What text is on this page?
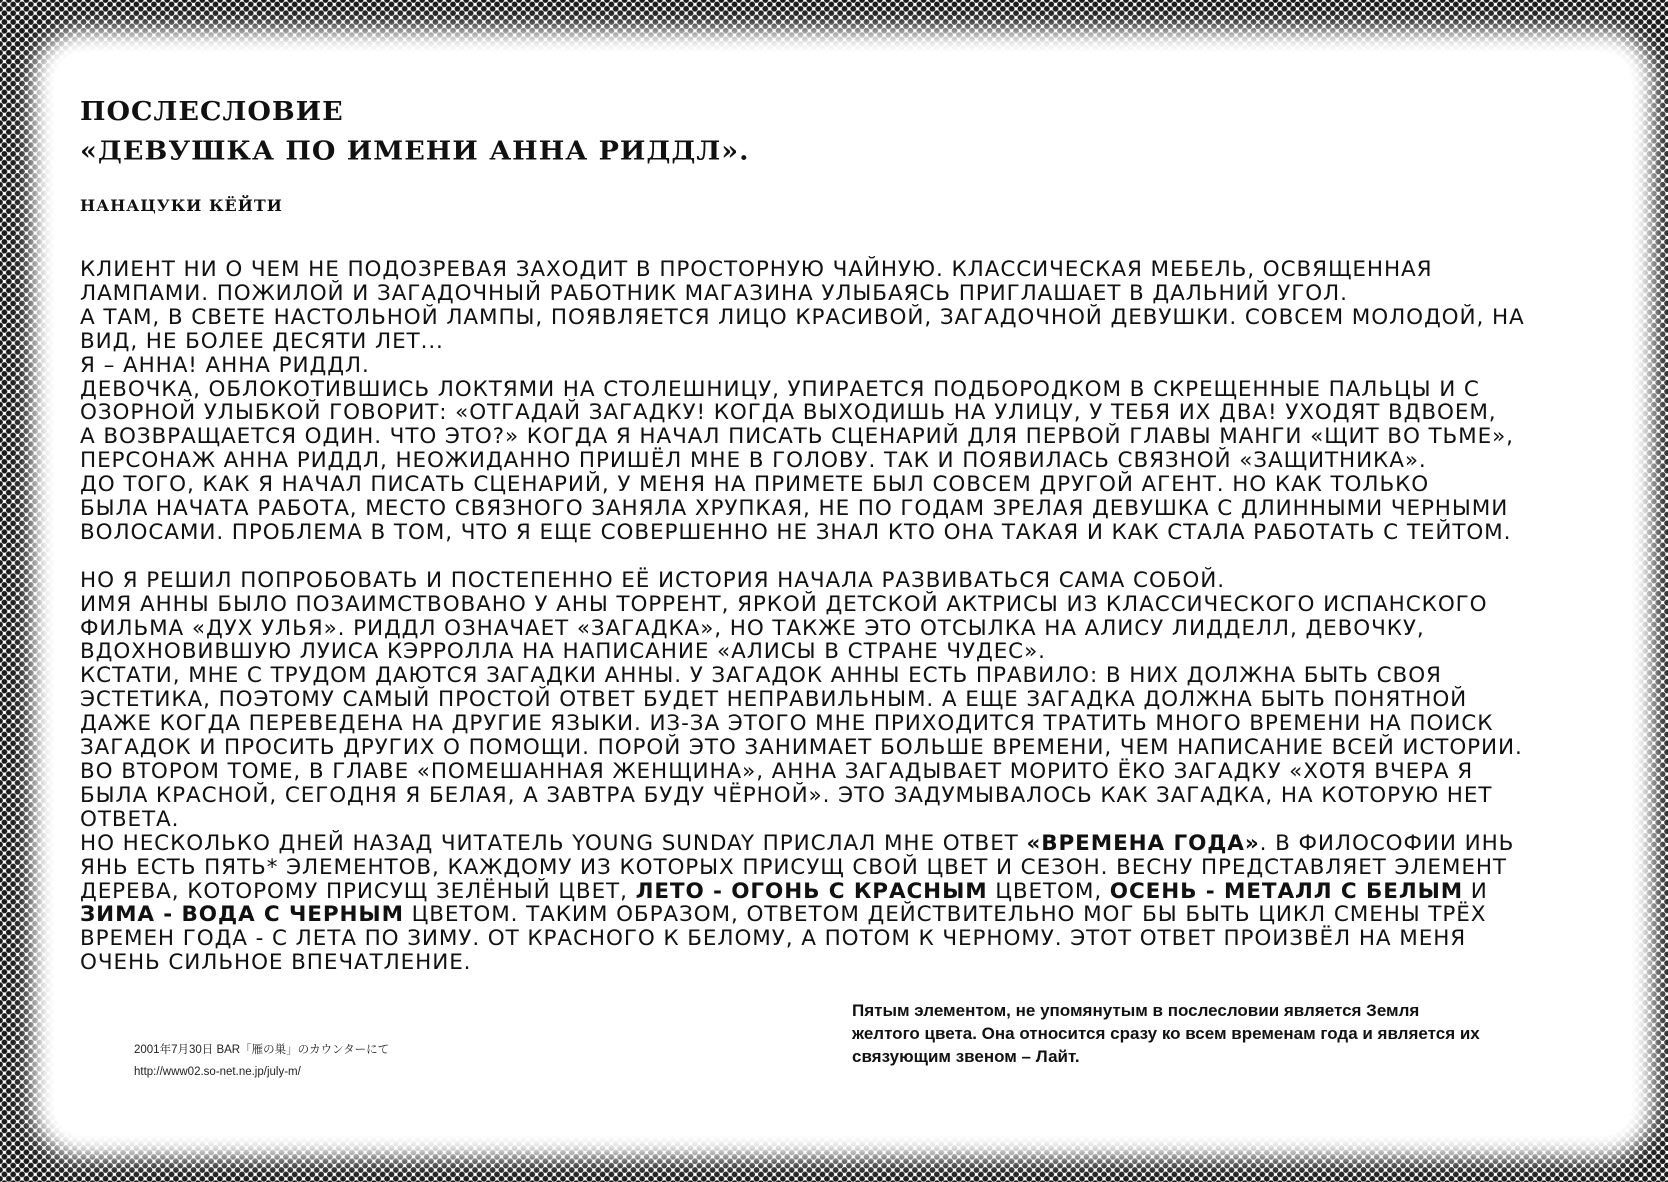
ПОСЛЕСЛОВИЕ
«ДЕВУШКА ПО ИМЕНИ АННА РИДДЛ».
НАНАЦУКИ КЁЙТИ

КЛИЕНТ НИ О ЧЕМ НЕ ПОДОЗРЕВАЯ ЗАХОДИТ В ПРОСТОРНУЮ ЧАЙНУЮ. КЛАССИЧЕСКАЯ МЕБЕЛЬ, ОСВЯЩЕННАЯ

ЛАМПАМИ. ПОЖИЛОЙ И ЗАГАДОЧНЫЙ РАБОТНИК МАГАЗИНА УЛЫБАЯСЬ ПРИГЛАШАЕТ В ДАЛЬНИЙ УГОЛ.

А ТАМ, В СВЕТЕ НАСТОЛЬНОЙ ЛАМПЫ, ПОЯВЛЯЕТСЯ ЛИЦО КРАСИВОЙ, ЗАГАДОЧНОЙ ДЕВУШКИ. СОВСЕМ МОЛОДОЙ, НА

ВИД, НЕ БОЛЕЕ ДЕСЯТИ ЛЕТ...

Я – АННА! АННА РИДДЛ.

ДЕВОЧКА, ОБЛОКОТИВШИСЬ ЛОКТЯМИ НА СТОЛЕШНИЦУ, УПИРАЕТСЯ ПОДБОРОДКОМ В СКРЕЩЕННЫЕ ПАЛЬЦЫ И С

ОЗОРНОЙ УЛЫБКОЙ ГОВОРИТ: «ОТГАДАЙ ЗАГАДКУ! КОГДА ВЫХОДИШЬ НА УЛИЦУ, У ТЕБЯ ИХ ДВА! УХОДЯТ ВДВОЕМ,

А ВОЗВРАЩАЕТСЯ ОДИН. ЧТО ЭТО?» КОГДА Я НАЧАЛ ПИСАТЬ СЦЕНАРИЙ ДЛЯ ПЕРВОЙ ГЛАВЫ МАНГИ «ЩИТ ВО ТЬМЕ»,

ПЕРСОНАЖ АННА РИДДЛ, НЕОЖИДАННО ПРИШЁЛ МНЕ В ГОЛОВУ. ТАК И ПОЯВИЛАСЬ СВЯЗНОЙ «ЗАЩИТНИКА».

ДО ТОГО, КАК Я НАЧАЛ ПИСАТЬ СЦЕНАРИЙ, У МЕНЯ НА ПРИМЕТЕ БЫЛ СОВСЕМ ДРУГОЙ АГЕНТ. НО КАК ТОЛЬКО

БЫЛА НАЧАТА РАБОТА, МЕСТО СВЯЗНОГО ЗАНЯЛА ХРУПКАЯ, НЕ ПО ГОДАМ ЗРЕЛАЯ ДЕВУШКА С ДЛИННЫМИ ЧЕРНЫМИ

ВОЛОСАМИ. ПРОБЛЕМА В ТОМ, ЧТО Я ЕЩЕ СОВЕРШЕННО НЕ ЗНАЛ КТО ОНА ТАКАЯ И КАК СТАЛА РАБОТАТЬ С ТЕЙТОМ.

НО Я РЕШИЛ ПОПРОБОВАТЬ И ПОСТЕПЕННО ЕЁ ИСТОРИЯ НАЧАЛА РАЗВИВАТЬСЯ САМА СОБОЙ.

ИМЯ АННЫ БЫЛО ПОЗАИМСТВОВАНО У АНЫ ТОРРЕНТ, ЯРКОЙ ДЕТСКОЙ АКТРИСЫ ИЗ КЛАССИЧЕСКОГО ИСПАНСКОГО

ФИЛЬМА «ДУХ УЛЬЯ». РИДДЛ ОЗНАЧАЕТ «ЗАГАДКА», НО ТАКЖЕ ЭТО ОТСЫЛКА НА АЛИСУ ЛИДДЕЛЛ, ДЕВОЧКУ,

ВДОХНОВИВШУЮ ЛУИСА КЭРРОЛЛА НА НАПИСАНИЕ «АЛИСЫ В СТРАНЕ ЧУДЕС».

КСТАТИ, МНЕ С ТРУДОМ ДАЮТСЯ ЗАГАДКИ АННЫ. У ЗАГАДОК АННЫ ЕСТЬ ПРАВИЛО: В НИХ ДОЛЖНА БЫТЬ СВОЯ

ЭСТЕТИКА, ПОЭТОМУ САМЫЙ ПРОСТОЙ ОТВЕТ БУДЕТ НЕПРАВИЛЬНЫМ. А ЕЩЕ ЗАГАДКА ДОЛЖНА БЫТЬ ПОНЯТНОЙ

ДАЖЕ КОГДА ПЕРЕВЕДЕНА НА ДРУГИЕ ЯЗЫКИ. ИЗ-ЗА ЭТОГО МНЕ ПРИХОДИТСЯ ТРАТИТЬ МНОГО ВРЕМЕНИ НА ПОИСК

ЗАГАДОК И ПРОСИТЬ ДРУГИХ О ПОМОЩИ. ПОРОЙ ЭТО ЗАНИМАЕТ БОЛЬШЕ ВРЕМЕНИ, ЧЕМ НАПИСАНИЕ ВСЕЙ ИСТОРИИ.

ВО ВТОРОМ ТОМЕ, В ГЛАВЕ «ПОМЕШАННАЯ ЖЕНЩИНА», АННА ЗАГАДЫВАЕТ МОРИТО ЁКО ЗАГАДКУ «ХОТЯ ВЧЕРА Я

БЫЛА КРАСНОЙ, СЕГОДНЯ Я БЕЛАЯ, А ЗАВТРА БУДУ ЧЁРНОЙ». ЭТО ЗАДУМЫВАЛОСЬ КАК ЗАГАДКА, НА КОТОРУЮ НЕТ

ОТВЕТА.

НО НЕСКОЛЬКО ДНЕЙ НАЗАД ЧИТАТЕЛЬ YOUNG SUNDAY ПРИСЛАЛ МНЕ ОТВЕТ «ВРЕМЕНА ГОДА». В ФИЛОСОФИИ ИНЬ

ЯНЬ ЕСТЬ ПЯТЬ* ЭЛЕМЕНТОВ, КАЖДОМУ ИЗ КОТОРЫХ ПРИСУЩ СВОЙ ЦВЕТ И СЕЗОН. ВЕСНУ ПРЕДСТАВЛЯЕТ ЭЛЕМЕНТ

ДЕРЕВА, КОТОРОМУ ПРИСУЩ ЗЕЛЁНЫЙ ЦВЕТ, ЛЕТО - ОГОНЬ С КРАСНЫМ ЦВЕТОМ, ОСЕНЬ - МЕТАЛЛ С БЕЛЫМ И

ЗИМА - ВОДА С ЧЕРНЫМ ЦВЕТОМ. ТАКИМ ОБРАЗОМ, ОТВЕТОМ ДЕЙСТВИТЕЛЬНО МОГ БЫ БЫТЬ ЦИКЛ СМЕНЫ ТРЁХ

ВРЕМЕН ГОДА - С ЛЕТА ПО ЗИМУ. ОТ КРАСНОГО К БЕЛОМУ, А ПОТОМ К ЧЕРНОМУ. ЭТОТ ОТВЕТ ПРОИЗВЁЛ НА МЕНЯ

ОЧЕНЬ СИЛЬНОЕ ВПЕЧАТЛЕНИЕ.

Пятым элементом, не упомянутым в послесловии является Земля
желтого цвета. Она относится сразу ко всем временам года и является их
связующим звеном – Лайт.
2001年7月30日 BAR「雁の巣」のカウンターにて
http://www02.so-net.ne.jp/july-m/
